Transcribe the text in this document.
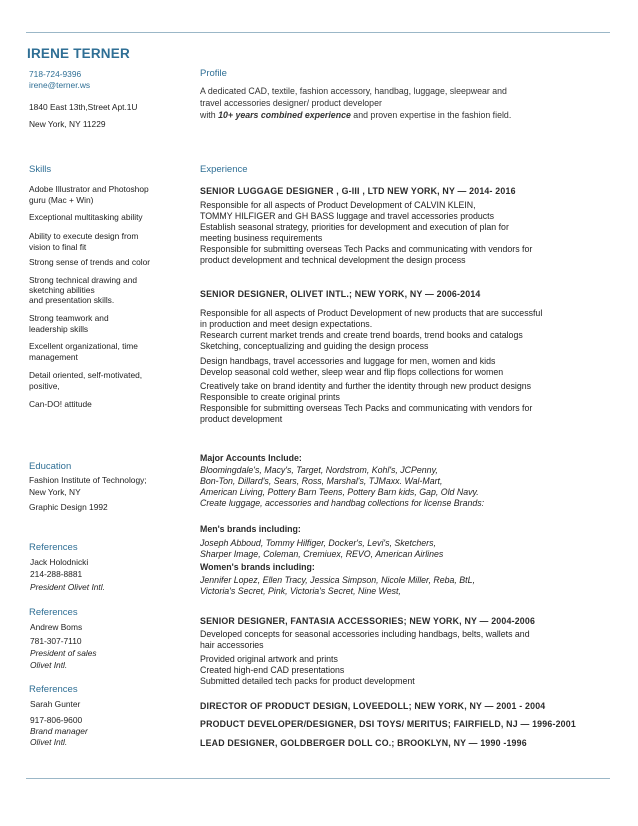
IRENE TERNER
718-724-9396
irene@terner.ws
1840 East 13th,Street Apt.1U
New York, NY 11229
Profile
A dedicated CAD, textile, fashion accessory, handbag, luggage, sleepwear and
travel accessories designer/ product developer
with 10+ years combined experience and proven expertise in the fashion field.
Skills
Adobe Illustrator and Photoshop
guru (Mac + Win)
Exceptional multitasking ability
Ability to execute design from
vision to final fit
Strong sense of trends and color
Strong technical drawing and
sketching abilities
and presentation skills.
Strong teamwork and
leadership skills
Excellent organizational, time
management
Detail oriented, self-motivated,
positive,
Can-DO! attitude
Education
Fashion Institute of Technology;
New York, NY
Graphic Design 1992
References
Jack Holodnicki
214-288-8881
President Olivet Intl.
References
Andrew Boms
781-307-7110
President of sales
Olivet Intl.
References
Sarah Gunter
917-806-9600
Brand manager
Olivet Intl.
Experience
SENIOR LUGGAGE DESIGNER , G-III , LTD NEW YORK, NY — 2014- 2016
Responsible for all aspects of Product Development of CALVIN KLEIN,
TOMMY HILFIGER and GH BASS luggage and travel accessories products
Establish seasonal strategy, priorities for development and execution of plan for
meeting business requirements
Responsible for submitting overseas Tech Packs and communicating with vendors for
product development and technical development the design process
SENIOR DESIGNER, OLIVET INTL.; NEW YORK, NY — 2006-2014
Responsible for all aspects of Product Development of new products that are successful
in production and meet design expectations.
Research current market trends and create trend boards, trend books and catalogs
Sketching, conceptualizing and guiding the design process
Design handbags, travel accessories and luggage for men, women and kids
Develop seasonal cold wether, sleep wear and flip flops collections for women
Creatively take on brand identity and further the identity through new product designs
Responsible to create original prints
Responsible for submitting overseas Tech Packs and communicating with vendors for
product development
Major Accounts Include:
Bloomingdale's, Macy's, Target, Nordstrom, Kohl's, JCPenny,
Bon-Ton, Dillard's, Sears, Ross, Marshal's, TJMaxx. Wal-Mart,
American Living, Pottery Barn Teens, Pottery Barn kids, Gap, Old Navy.
Create luggage, accessories and handbag collections for license Brands:
Men's brands including:
Joseph Abboud, Tommy Hilfiger, Docker's, Levi's, Sketchers,
Sharper Image, Coleman, Cremiuex, REVO, American Airlines
Women's brands including:
Jennifer Lopez, Ellen Tracy, Jessica Simpson, Nicole Miller, Reba, BtL,
Victoria's Secret, Pink, Victoria's Secret, Nine West,
SENIOR DESIGNER, FANTASIA ACCESSORIES; NEW YORK, NY — 2004-2006
Developed concepts for seasonal accessories including handbags, belts, wallets and
hair accessories
Provided original artwork and prints
Created high-end CAD presentations
Submitted detailed tech packs for product development
DIRECTOR OF PRODUCT DESIGN, LOVEEDOLL; NEW YORK, NY — 2001 - 2004
PRODUCT DEVELOPER/DESIGNER, DSI TOYS/ MERITUS; FAIRFIELD, NJ — 1996-2001
LEAD DESIGNER, GOLDBERGER DOLL CO.; BROOKLYN, NY — 1990 -1996
